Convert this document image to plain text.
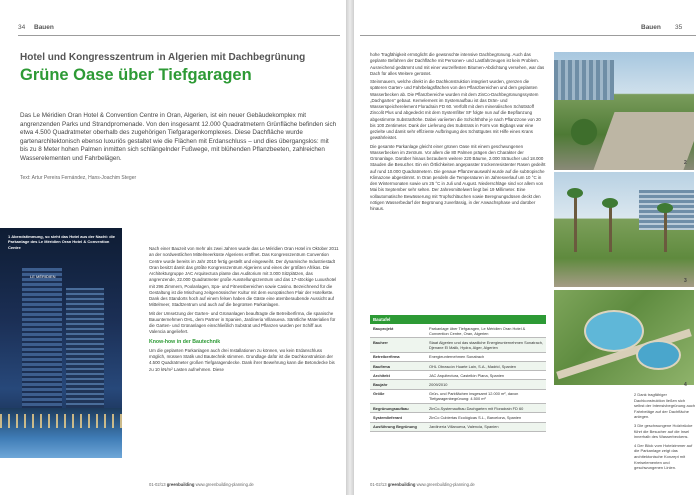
34 Bauen
Hotel und Kongresszentrum in Algerien mit Dachbegrünung
Grüne Oase über Tiefgaragen
Das Le Méridien Oran Hotel & Convention Centre in Oran, Algerien, ist ein neuer Gebäudekomplex mit angrenzenden Parks und Strandpromenade. Von den insgesamt 12.000 Quadratmetern Grünfläche befinden sich etwa 4.500 Quadratmeter oberhalb des zugehörigen Tiefgaragenkomplexes. Diese Dachfläche wurde gartenarchitektonisch ebenso luxuriös gestaltet wie die Flächen mit Erdanschluss – und dies übergangslos: mit bis zu 8 Meter hohen Palmen inmitten sich schlängelnder Fußwege, mit blühenden Pflanzbeeten, zahlreichen Wasserelementen und Fahrbelägen.
Text: Artur Pereira Fernández, Hans-Joachim Steger
LE MÉRIDIEN
1 Abendstimmung, so sieht das Hotel aus der Nacht: die Parkanlage des Le Méridien Oran Hotel & Convention Centre	Nach einer Bauzeit von mehr als zwei Jahren wurde das Le Méridien Oran Hotel im Oktober 2011 an der nordwestlichen Mittelmeerküste Algeriens eröffnet. Das Kongresszentrum Convention Centre wurde bereits im Jahr 2010 fertig gestellt und eingeweiht. Der dynamische Industriestadt Oran besitzt damit das größte Kongresszentrum Algeriens und eines der größten Afrikas. Die Architekturgruppe JAC Arquitectura plante das Auditorium mit 3.000 Sitzplätzen, das angrenzende, 22.000 Quadratmeter große Ausstellungszentrum und das 17-stöckige Luxushotel mit 296 Zimmern, Poolanlagen, Spa- und Fitnessbereichen sowie Casino. Bezeichnend für die Gestaltung ist die Mischung zeitgenössischer Kultur mit dem europäischen Flair der Hotelkette. Dank des Standorts hoch auf einem felsen haben die Gäste eine atemberaubende Aussicht auf Mittelmeer, Stadtzentrum und auch auf die begrünten Parkanlagen.

Mit der Umsetzung der Garten- und Grünanlagen beauftragte die Betreiberfirma, die spanische Bauunternehmen OHL, dem Partner in Spanien, Jardineria Villanueva. Sämtliche Materialien für die Garten- und Grünanlagen einschließlich Substrat und Pflanzen wurden per Schiff aus Valencia angeliefert.

Know-how in der Bautechnik

Um die geplanten Parkanlagen auch drei Installationen zu können, wo kein Erdanschluss möglich, müssen Statik und Bautechnik stimmen. Grundlage dafür ist die Dachkonstruktion der 4.500 Quadratmeter großen Tiefgaragendecke. Dank ihrer Bewehrung kann die Betondecke bis zu 10 kN/m² Lasten aufnehmen. Diese

01-02/13 greenbuilding www.greenbuilding-planning.de
Bauen 35

hohe Tragfähigkeit ermöglicht die gewünschte intensive Dachbegrünung. Auch das geplante Befahren der Dachfläche mit Personen- und Lastfahrzeugen ist kein Problem. Ausreichend gedämmt und mit einer wurzelfesten Bitumen-Abdichtung versehen, war das Dach für alles Weitere gerüstet.

Steinmauern, welche direkt in die Dachkonstruktion integriert wurden, grenzen die späteren Garten- und Fahrbelagsflächen von den Pflanzbereichen und dem geplanten Wasserbecken ab. Die Pflanzbereiche wurden mit dem ZinCo-Dachbegrünungssystem „Dachgarten“ gebaut. Kernelement im Systemaufbau ist das Drän- und Wasserspeicherelement Floradrain FD 60. Verfüllt mit dem mineralischen Schüttstoff Zincolit Plus und abgedeckt mit dem Systemfilter SF folgte nun auf die Bepflanzung abgestimmte Substrathöhe. Dabei variierten die Schichthöhe je nach Pflanzzone von 20 bis 100 Zentimeter. Dank der Lieferung des Substrats in Form von Bigbags war eine gezielte und damit sehr effiziente Aufbringung des Schüttgutes mit Hilfe eines Krans gewährleistet.

Die gesamte Parkanlage gleicht einer grünen Oase mit einem geschwungenen Wasserbecken im Zentrum. Vor allem die 80 Palmen prägen den Charakter der Grünanlage. Darüber hinaus bezaubern weitere 220 Bäume, 2.000 Sträucher und 18.000 Stauden die Besucher. Ein ein Örtlichkeiten angepasster trockenresistenter Rasen gedeiht auf rund 10.000 Quadratmetern. Die genaue Pflanzenauswahl wurde auf die subtropische Klimazone abgestimmt. In Oran pendeln die Temperaturen im Jahresverlauf um 10 °C in den Wintermonaten sowie um 25 °C in Juli und August. Niederschläge sind vor allem von Mai bis September sehr selten. Der Jahresmittelwert liegt bei 19 Millimeter. Eine vollautomatische Bewässerung mit Tropfschläuchen sowie Beregnungsdüsen deckt den nötigen Wasserbedarf der Begrünung zuverlässig, in der Anwachsphase und darüber hinaus.

Bautafel	
Bauprojekt	Parkanlage über Tiefgaragen, Le Méridien Oran Hotel & Convention Centre, Oran, Algerien
Bauherr	Staat Algerien und das staatliche Energieunternehmen Sonatrach, Djenane El Malik, Hydra, Alger, Algerien
Betreiberfirma	Energieunternehmen Sonatrach
Baufirma	OHL Obrascón Huarte Lain, S.A., Madrid, Spanien
Architekt	JAC Arquitectura, Castellón Plana, Spanien
Baujahr	2009/2010
Größe	Grün- und Parkflächen insgesamt 12.000 m², davon Tiefgaragenbegrünung: 4.500 m²
Begrünungsaufbau	ZinCo-Systemaufbau Dachgarten mit Floradrain FD 60
Systemlieferant	ZinCo Cubiertas Ecológicas S.L., Barcelona, Spanien
Ausführung Begrünung	Jardinería Villanueva, Valencia, Spanien
2
3
4

2 Dank tragfähiger Dachkonstruktion ließen sich selbst der Intensivbegrünung auch Fahrbeläge auf der Dachfläche anlegen.

3 Die geschwungene Holzbrücke führt die Besucher auf die Insel innerhalb des Wasserbeckens.

4 Der Blick vom Hotelzimmer auf die Parkanlage zeigt das architektonische Konzept mit Kreiselementen und geschwungenen Linien.

01-02/13 greenbuilding www.greenbuilding-planning.de
